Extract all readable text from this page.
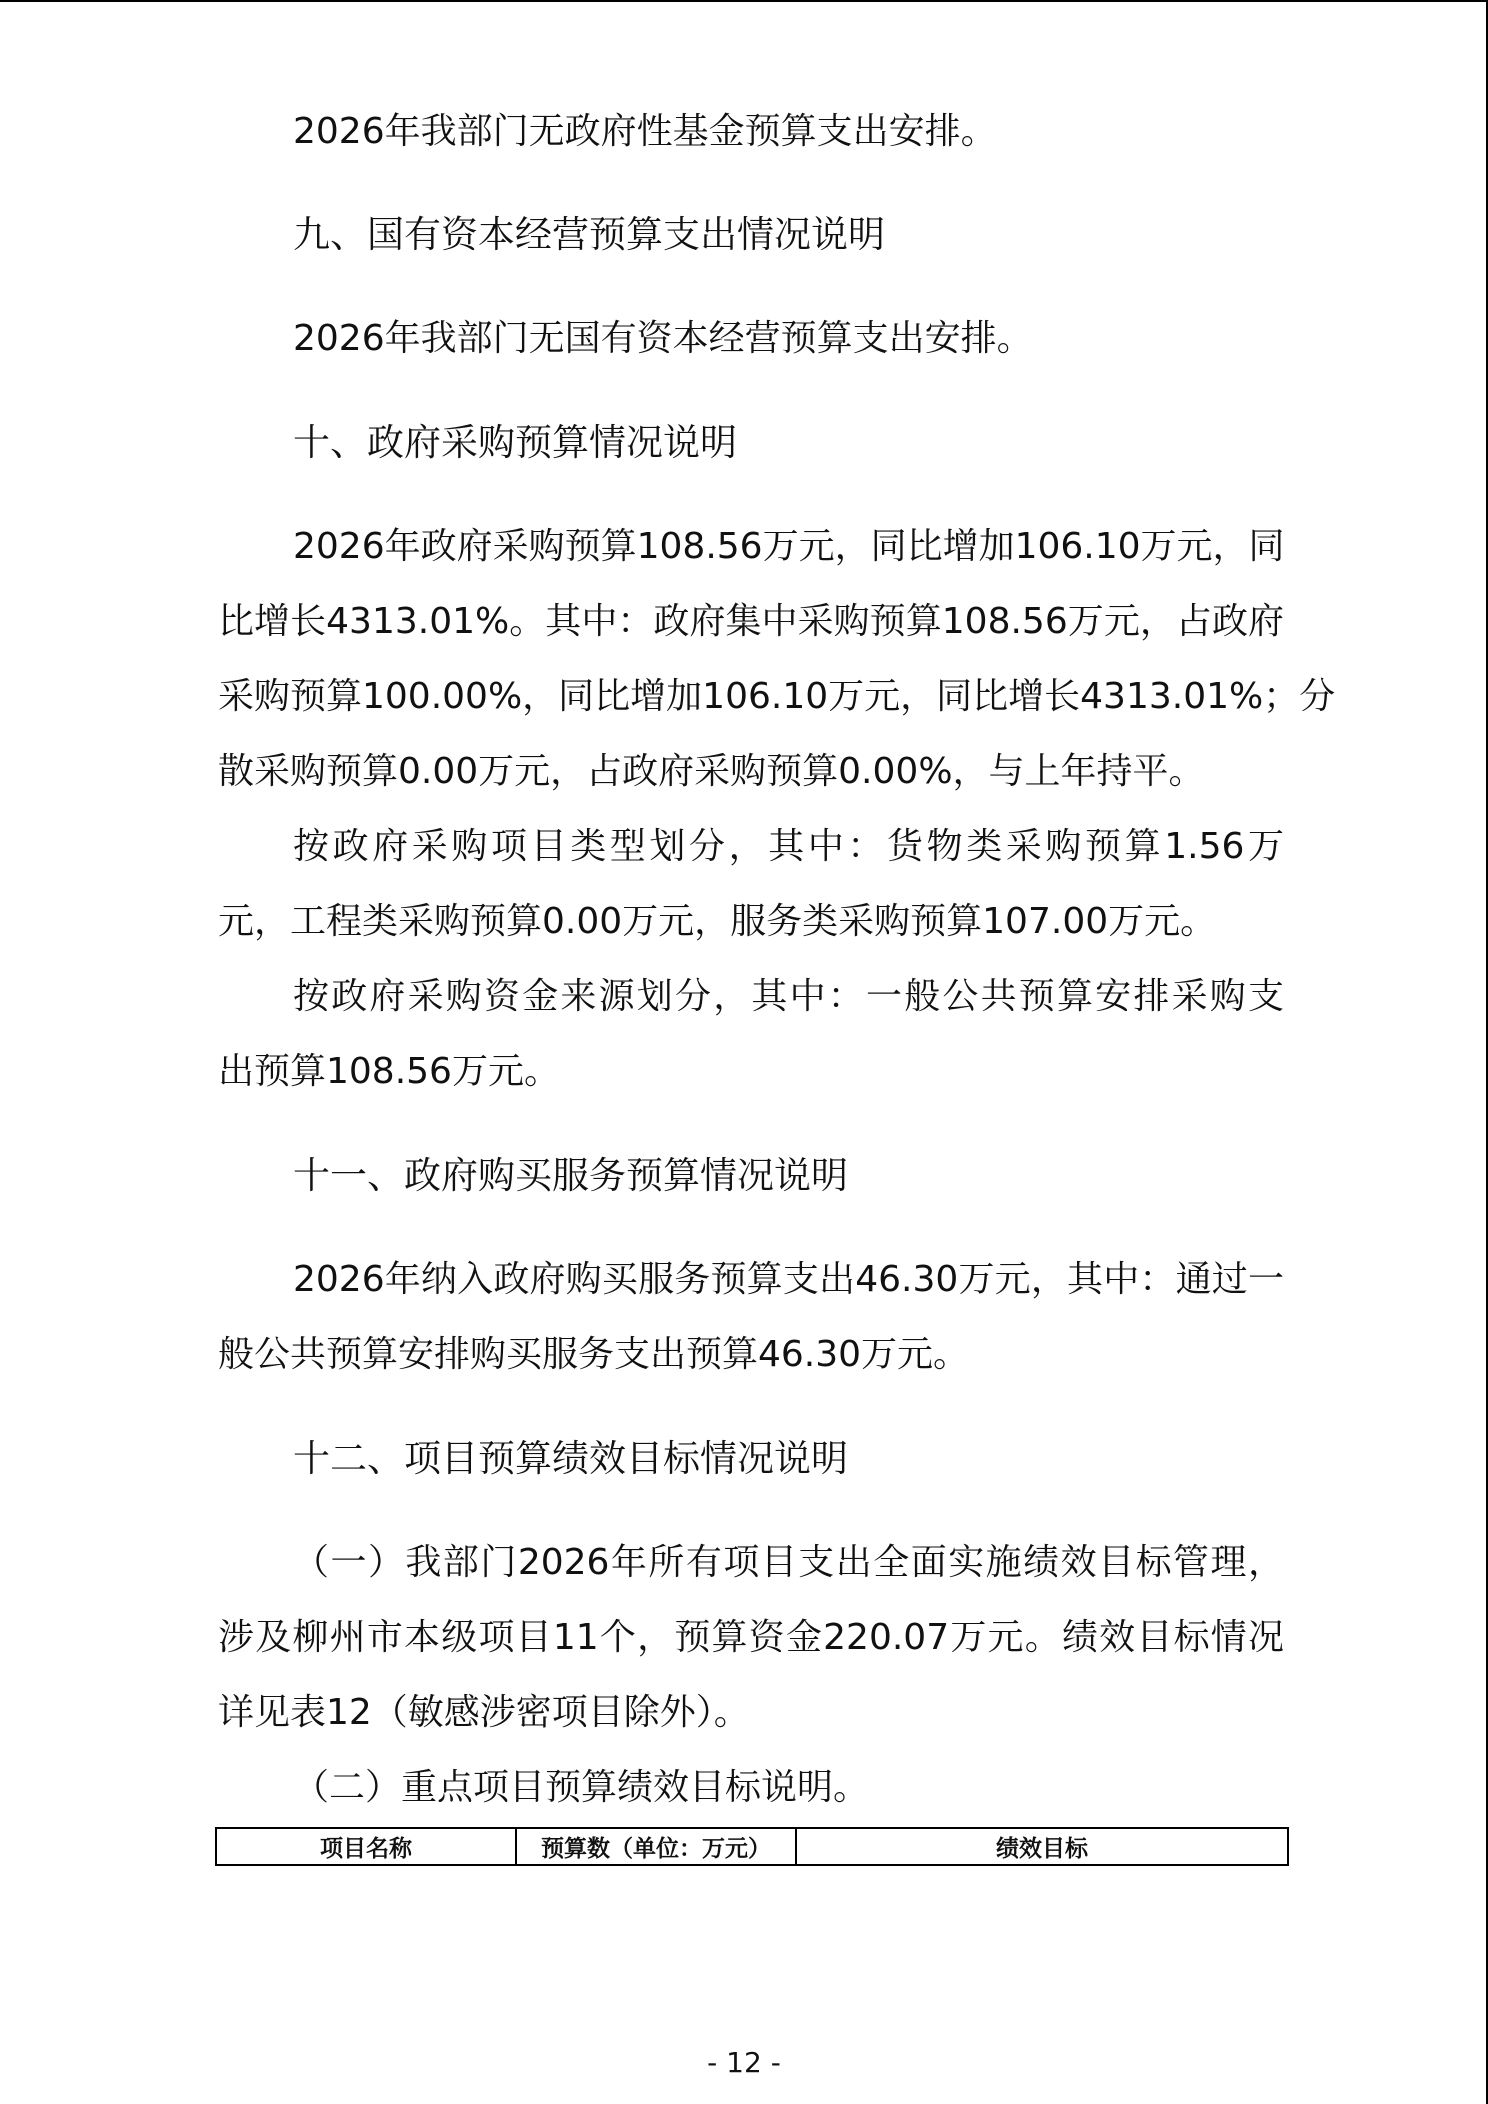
2026年我部门无政府性基金预算支出安排。
九、国有资本经营预算支出情况说明
2026年我部门无国有资本经营预算支出安排。
十、政府采购预算情况说明
2026年政府采购预算108.56万元，同比增加106.10万元，同
比增长4313.01%。其中：政府集中采购预算108.56万元，占政府
采购预算100.00%，同比增加106.10万元，同比增长4313.01%；分
散采购预算0.00万元，占政府采购预算0.00%，与上年持平。
按政府采购项目类型划分，其中：货物类采购预算1.56万
元，工程类采购预算0.00万元，服务类采购预算107.00万元。
按政府采购资金来源划分，其中：一般公共预算安排采购支
出预算108.56万元。
十一、政府购买服务预算情况说明
2026年纳入政府购买服务预算支出46.30万元，其中：通过一
般公共预算安排购买服务支出预算46.30万元。
十二、项目预算绩效目标情况说明
（一）我部门2026年所有项目支出全面实施绩效目标管理，
涉及柳州市本级项目11个，预算资金220.07万元。绩效目标情况
详见表12（敏感涉密项目除外）。
（二）重点项目预算绩效目标说明。
项目名称	预算数（单位：万元）	绩效目标
- 12 -
